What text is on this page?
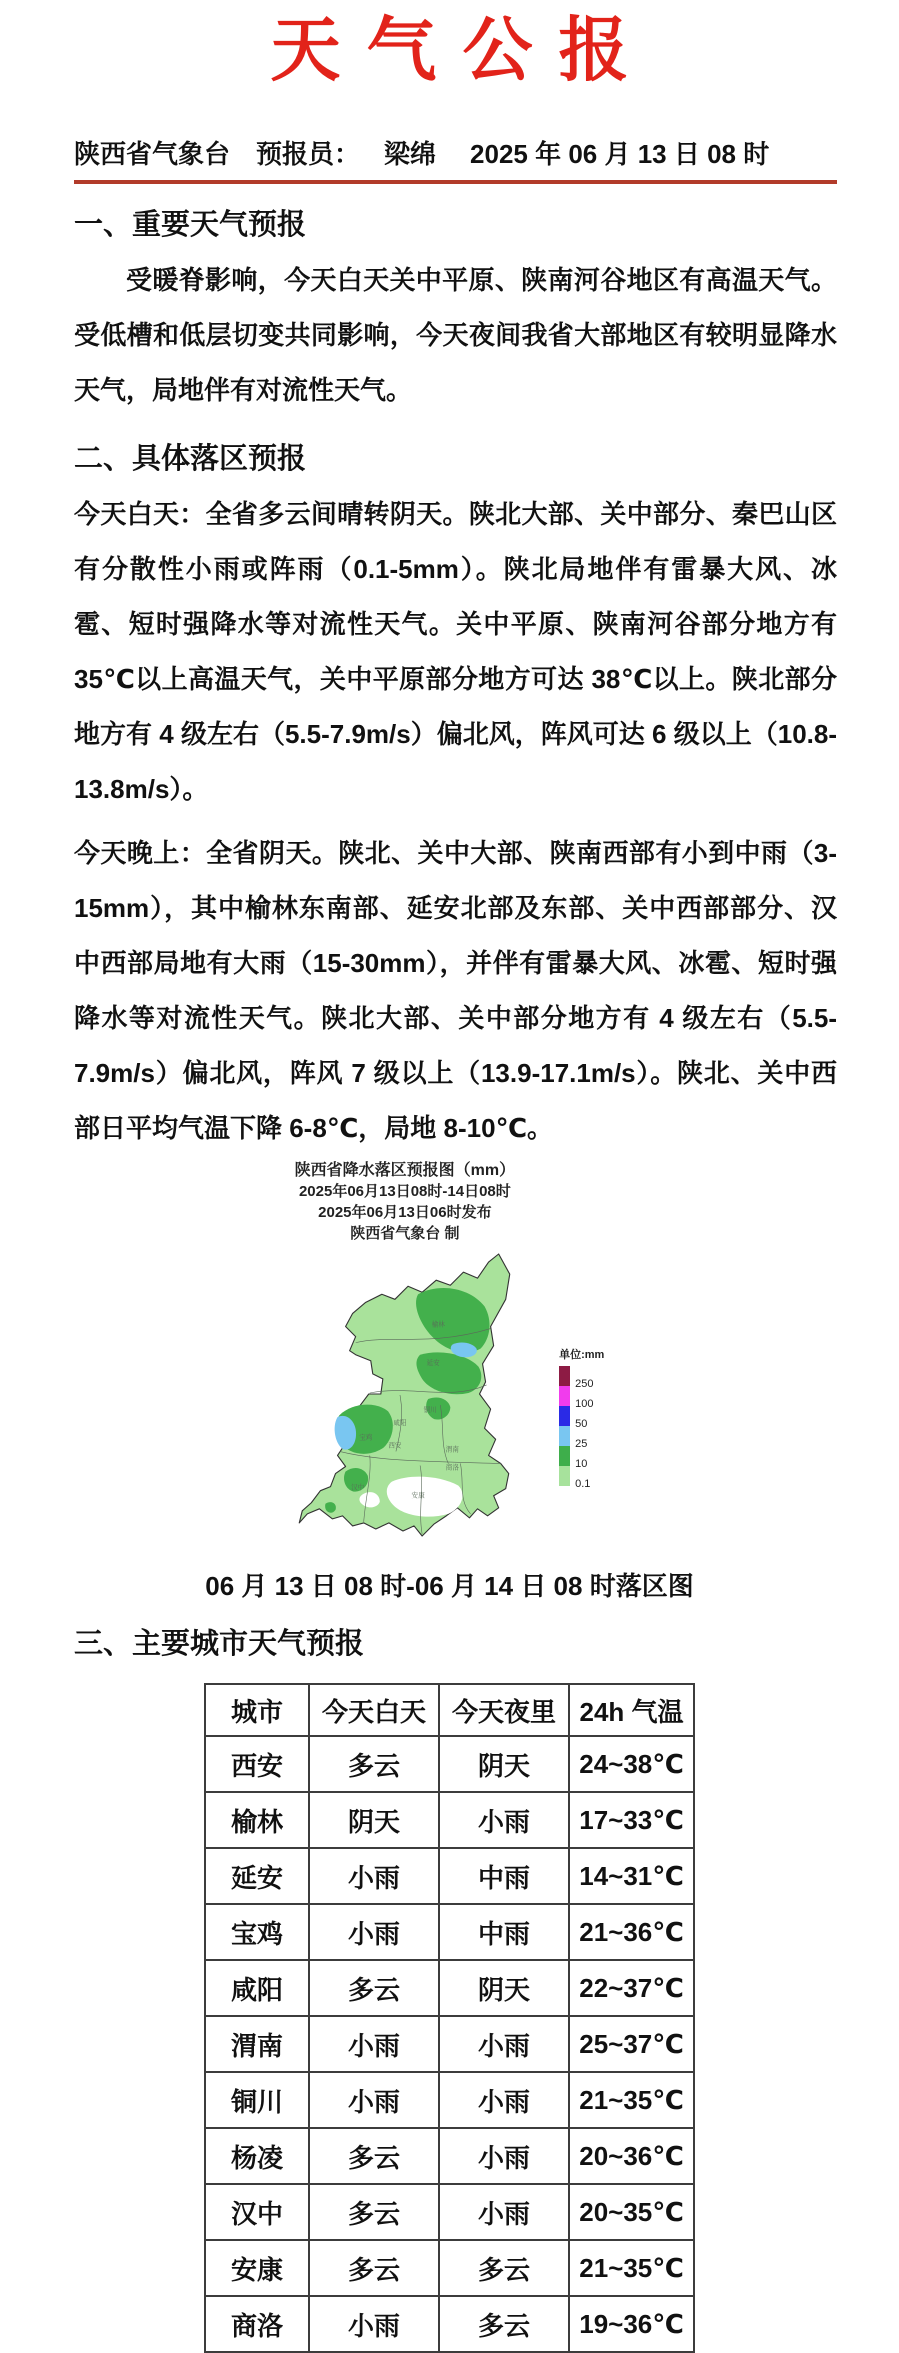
天气公报
陕西省气象台 预报员： 梁绵 2025 年 06 月 13 日 08 时
一、重要天气预报

受暖脊影响，今天白天关中平原、陕南河谷地区有高温天气。受低槽和低层切变共同影响，今天夜间我省大部地区有较明显降水天气，局地伴有对流性天气。

二、具体落区预报

今天白天：全省多云间晴转阴天。陕北大部、关中部分、秦巴山区有分散性小雨或阵雨（0.1-5mm）。陕北局地伴有雷暴大风、冰雹、短时强降水等对流性天气。关中平原、陕南河谷部分地方有 35℃以上高温天气，关中平原部分地方可达 38℃以上。陕北部分地方有 4 级左右（5.5-7.9m/s）偏北风，阵风可达 6 级以上（10.8-13.8m/s）。

今天晚上：全省阴天。陕北、关中大部、陕南西部有小到中雨（3-15mm），其中榆林东南部、延安北部及东部、关中西部部分、汉中西部局地有大雨（15-30mm），并伴有雷暴大风、冰雹、短时强降水等对流性天气。陕北大部、关中部分地方有 4 级左右（5.5-7.9m/s）偏北风，阵风 7 级以上（13.9-17.1m/s）。陕北、关中西部日平均气温下降 6-8℃，局地 8-10℃。

陕西省降水落区预报图（mm）
2025年06月13日08时-14日08时
2025年06月13日06时发布
陕西省气象台 制
榆林
延安
铜川
咸阳
渭南
西安
商洛
宝鸡
汉中
安康
单位:mm
250
100
50
25
10
0.1

06 月 13 日 08 时-06 月 14 日 08 时落区图

三、主要城市天气预报
城市	今天白天	今天夜里	24h 气温
西安	多云	阴天	24~38℃
榆林	阴天	小雨	17~33℃
延安	小雨	中雨	14~31℃
宝鸡	小雨	中雨	21~36℃
咸阳	多云	阴天	22~37℃
渭南	小雨	小雨	25~37℃
铜川	小雨	小雨	21~35℃
杨凌	多云	小雨	20~36℃
汉中	多云	小雨	20~35℃
安康	多云	多云	21~35℃
商洛	小雨	多云	19~36℃
